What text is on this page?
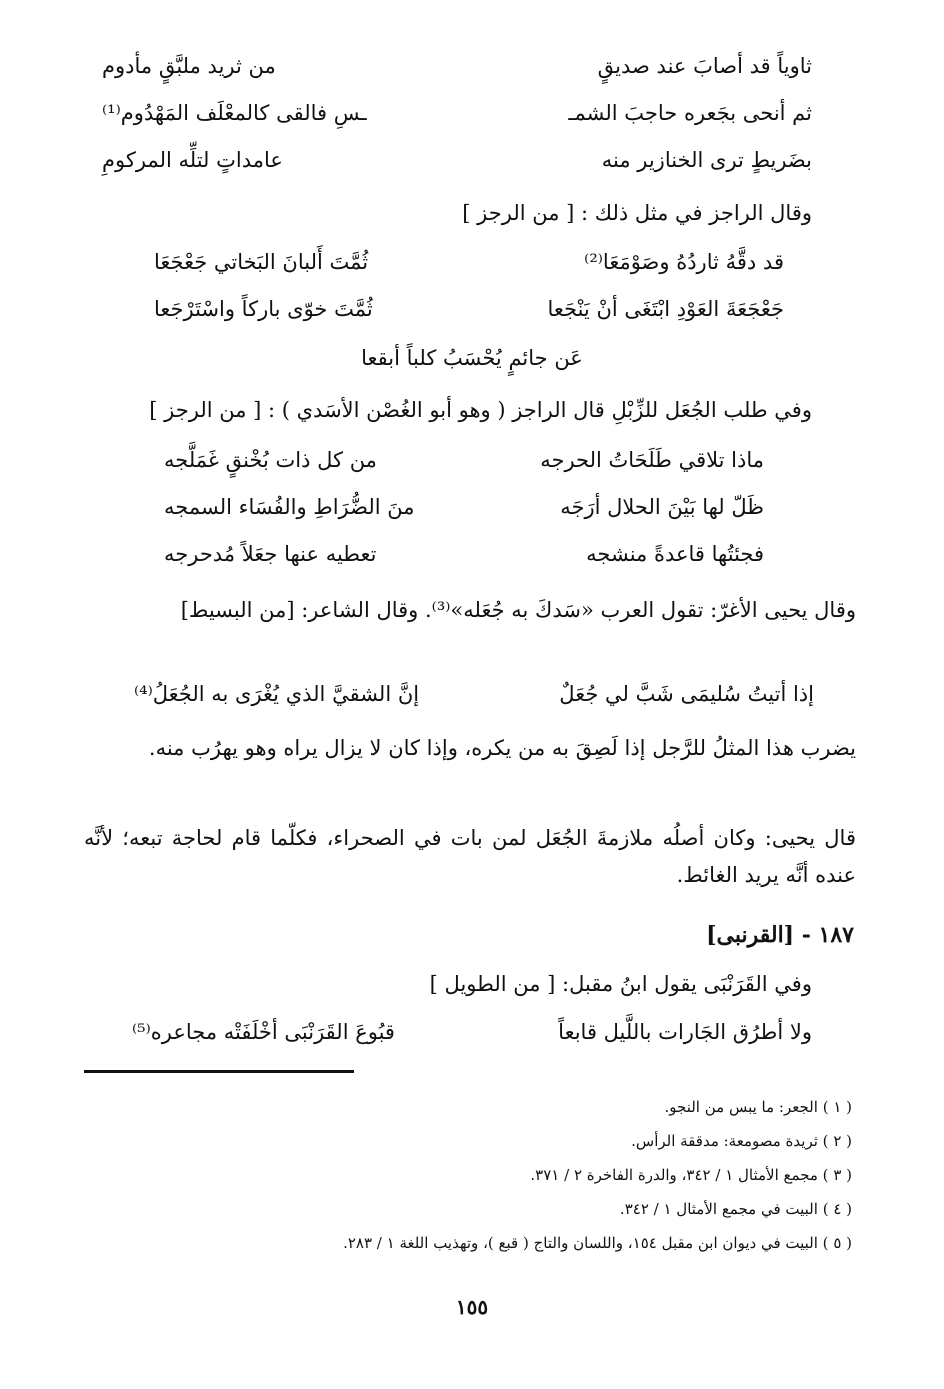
ثاوياً قد أصابَ عند صديقٍ
من ثريد ملبَّقٍ مأدوم
ثم أنحى بجَعره حاجبَ الشمـ
ـسِ فالقى كالمعْلَف المَهْدُوم⁽¹⁾
بضَريطٍ ترى الخنازير منه
عامداتٍ لتلِّه المركومِ
وقال الراجز في مثل ذلك : [ من الرجز ]
قد دقَّهُ ثاردُهُ وصَوْمَعَا⁽²⁾
ثُمَّتَ أَلبانَ البَخاتي جَعْجَعَا
جَعْجَعَةَ العَوْدِ ابْتَغَى أنْ يَنْجَعا
ثُمَّتَ خوّى باركاً واسْتَرْجَعا
عَن جائمٍ يُحْسَبُ كلباً أبقعا
وفي طلب الجُعَل للزِّبْلِ قال الراجز ( وهو أبو الغُصْن الأسَدي ) : [ من الرجز ]
ماذا تلاقي طَلَحَاتُ الحرجه
من كل ذات بُخْنقٍ غَمَلَّجه
ظَلّ لها بَيْنَ الحلال أرَجَه
منَ الضُّرَاطِ والفُسَاء السمجه
فجئتُها قاعدةً منشجه
تعطيه عنها جعَلاً مُدحرجه
وقال يحيى الأغرّ: تقول العرب «سَدكَ به جُعَله»⁽³⁾. وقال الشاعر: [من البسيط]
إذا أتيتُ سُليمَى شَبَّ لي جُعَلٌ
إنَّ الشقيَّ الذي يُغْرَى به الجُعَلُ⁽⁴⁾
يضرب هذا المثلُ للرَّجل إذا لَصِقَ به من يكره، وإذا كان لا يزال يراه وهو يهرُب منه.
قال يحيى: وكان أصلُه ملازمةَ الجُعَل لمن بات في الصحراء، فكلّما قام لحاجة تبعه؛ لأنَّه عنده أنَّه يريد الغائط.
١٨٧ - [القرنبى]
وفي القَرَنْبَى يقول ابنُ مقبل: [ من الطويل ]
ولا أطرُق الجَارات باللَّيل قابعاً
قبُوعَ القَرَنْبَى أخْلَفَتْه مجاعره⁽⁵⁾
( ١ ) الجعر: ما يبس من النجو.
( ٢ ) ثريدة مصومعة: مدققة الرأس.
( ٣ ) مجمع الأمثال ١ / ٣٤٢، والدرة الفاخرة ٢ / ٣٧١.
( ٤ ) البيت في مجمع الأمثال ١ / ٣٤٢.
( ٥ ) البيت في ديوان ابن مقبل ١٥٤، واللسان والتاج ( قبع )، وتهذيب اللغة ١ / ٢٨٣.
١٥٥
